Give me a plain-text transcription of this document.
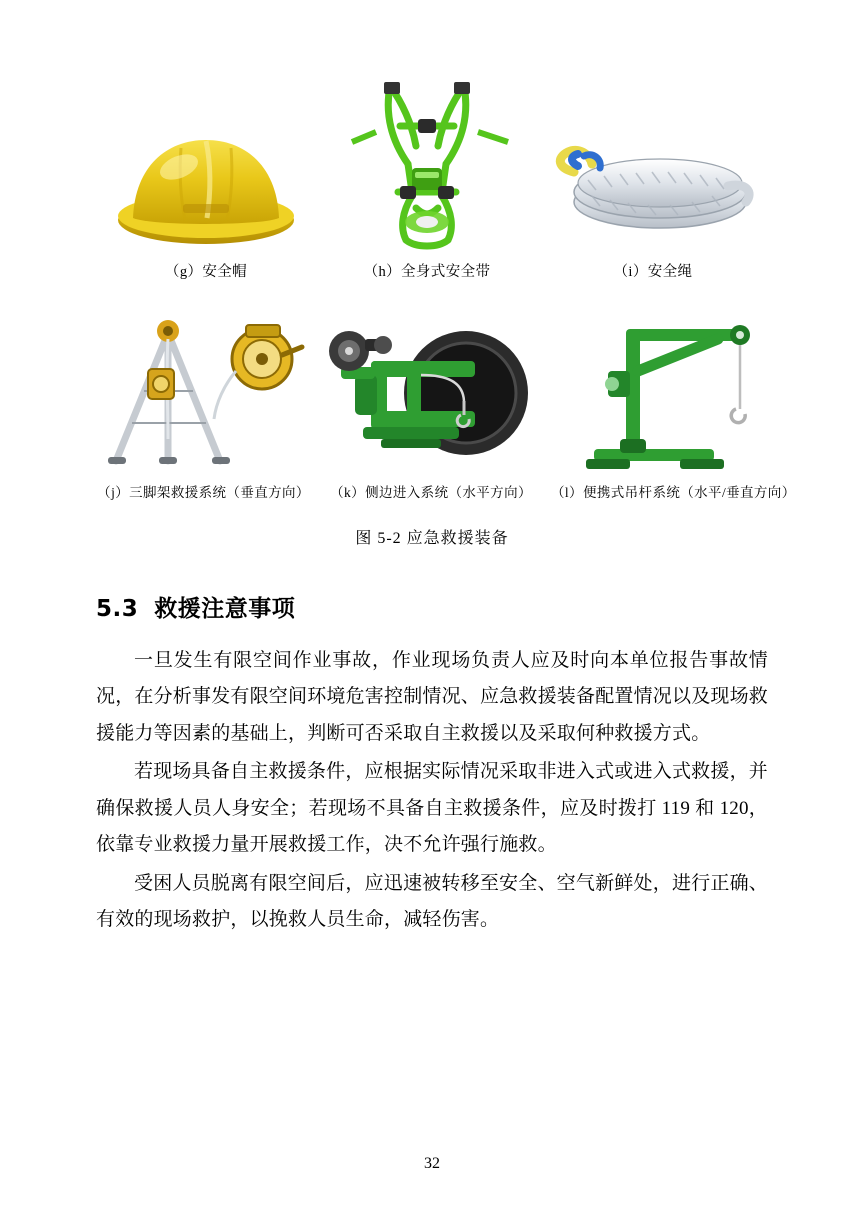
（g）安全帽	（h）全身式安全带	（i）安全绳
（j）三脚架救援系统（垂直方向） （k）侧边进入系统（水平方向） （l）便携式吊杆系统（水平/垂直方向）
图 5-2 应急救援装备
5.3 救援注意事项

一旦发生有限空间作业事故，作业现场负责人应及时向本单位报告事故情况，在分析事发有限空间环境危害控制情况、应急救援装备配置情况以及现场救援能力等因素的基础上，判断可否采取自主救援以及采取何种救援方式。

若现场具备自主救援条件，应根据实际情况采取非进入式或进入式救援，并确保救援人员人身安全；若现场不具备自主救援条件，应及时拨打 119 和 120，依靠专业救援力量开展救援工作，决不允许强行施救。

受困人员脱离有限空间后，应迅速被转移至安全、空气新鲜处，进行正确、有效的现场救护，以挽救人员生命，减轻伤害。

32
